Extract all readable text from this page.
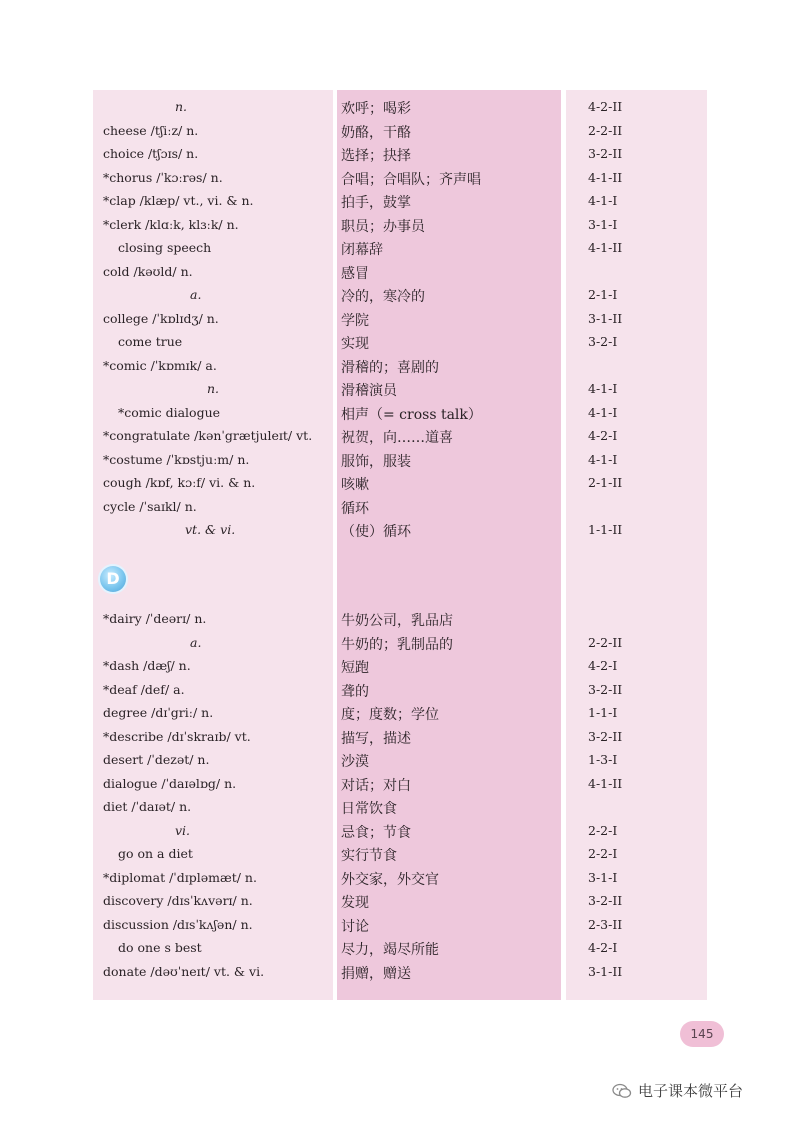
n.	欢呼；喝彩	4-2-II
cheese /tʃiːz/ n.	奶酪，干酪	2-2-II
choice /tʃɔɪs/ n.	选择；抉择	3-2-II
*chorus /ˈkɔːrəs/ n.	合唱；合唱队；齐声唱	4-1-II
*clap /klæp/ vt., vi. & n.	拍手，鼓掌	4-1-I
*clerk /klɑːk, klɜːk/ n.	职员；办事员	3-1-I
closing speech	闭幕辞	4-1-II
cold /kəʊld/ n.	感冒
a.	冷的，寒冷的	2-1-I
college /ˈkɒlɪdʒ/ n.	学院	3-1-II
come true	实现	3-2-I
*comic /ˈkɒmɪk/ a.	滑稽的；喜剧的
n.	滑稽演员	4-1-I
*comic dialogue	相声（= cross talk）	4-1-I
*congratulate /kənˈgrætjuleɪt/ vt. 祝贺，向……道喜	4-2-I
*costume /ˈkɒstjuːm/ n.	服饰，服装	4-1-I
cough /kɒf, kɔːf/ vi. & n.	咳嗽	2-1-II
cycle /ˈsaɪkl/ n.	循环
vt. & vi.	（使）循环	1-1-II
D
*dairy /ˈdeərɪ/ n.	牛奶公司，乳品店
a.	牛奶的；乳制品的	2-2-II
*dash /dæʃ/ n.	短跑	4-2-I
*deaf /def/ a.	聋的	3-2-II
degree /dɪˈgriː/ n.	度；度数；学位	1-1-I
*describe /dɪˈskraɪb/ vt.	描写，描述	3-2-II
desert /ˈdezət/ n.	沙漠	1-3-I
dialogue /ˈdaɪəlɒg/ n.	对话；对白	4-1-II
diet /ˈdaɪət/ n.	日常饮食
vi.	忌食；节食	2-2-I
go on a diet	实行节食	2-2-I
*diplomat /ˈdɪpləmæt/ n.	外交家，外交官	3-1-I
discovery /dɪsˈkʌvərɪ/ n.	发现	3-2-II
discussion /dɪsˈkʌʃən/ n.	讨论	2-3-II
do one s best	尽力，竭尽所能	4-2-I
donate /dəʊˈneɪt/ vt. & vi.	捐赠，赠送	3-1-II
145
电子课本微平台
